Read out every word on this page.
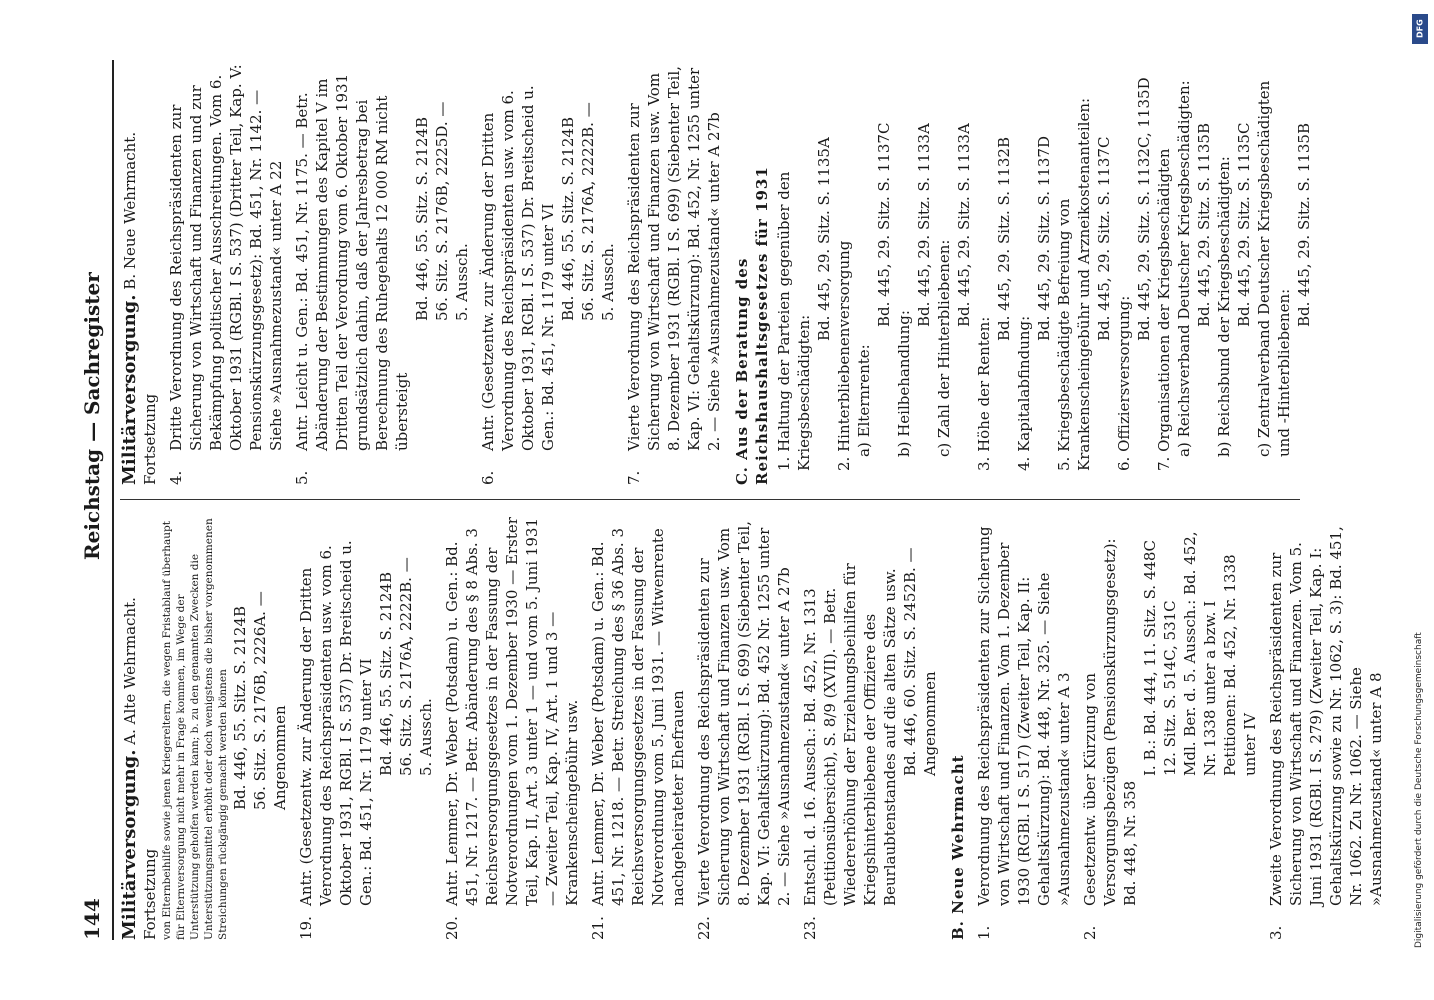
144
Reichstag — Sachregister
Militärversorgung. A. Alte Wehrmacht. Fortsetzung von Elternbeihilfe sowie jenen Kriegereltern, die wegen Fristablauf überhaupt für Elternversorgung nicht mehr in Frage kommen, im Wege der Unterstützung geholfen werden kann; b. zu den genannten Zwecken die Unterstützungsmittel erhöht oder doch wenigstens die bisher vorgenommenen Streichungen rückgängig gemacht werden können Bd. 446, 55. Sitz. S. 2124B 56. Sitz. S. 2176B, 2226A. — Angenommen
19.
Antr. (Gesetzentw. zur Änderung der Dritten Verordnung des Reichspräsidenten usw. vom 6. Oktober 1931, RGBl. I S. 537) Dr. Breitscheid u. Gen.: Bd. 451, Nr. 1179 unter VI Bd. 446, 55. Sitz. S. 2124B 56. Sitz. S. 2176A, 2222B. — 5. Aussch.
20.
Antr. Lemmer, Dr. Weber (Potsdam) u. Gen.: Bd. 451, Nr. 1217. — Betr. Abänderung des § 8 Abs. 3 Reichsversorgungsgesetzes in der Fassung der Notverordnungen vom 1. Dezember 1930 — Erster Teil, Kap. II, Art. 3 unter 1 — und vom 5. Juni 1931 — Zweiter Teil, Kap. IV, Art. 1 und 3 — Krankenscheingebühr usw.
21.
Antr. Lemmer, Dr. Weber (Potsdam) u. Gen.: Bd. 451, Nr. 1218. — Betr. Streichung des § 36 Abs. 3 Reichsversorgungsgesetzes in der Fassung der Notverordnung vom 5. Juni 1931. — Witwenrente nachgeheirateter Ehefrauen
22.
Vierte Verordnung des Reichspräsidenten zur Sicherung von Wirtschaft und Finanzen usw. Vom 8. Dezember 1931 (RGBl. I S. 699) (Siebenter Teil, Kap. VI: Gehaltskürzung): Bd. 452 Nr. 1255 unter 2. — Siehe »Ausnahmezustand« unter A 27b
23.
Entschl. d. 16. Aussch.: Bd. 452, Nr. 1313 (Petitionsübersicht), S. 8/9 (XVII). — Betr. Wiedererhöhung der Erziehungsbeihilfen für Kriegshinterbliebene der Offiziere des Beurlaubtenstandes auf die alten Sätze usw. Bd. 446, 60. Sitz. S. 2452B. — Angenommen
B. Neue Wehrmacht 1.
Verordnung des Reichspräsidenten zur Sicherung von Wirtschaft und Finanzen. Vom 1. Dezember 1930 (RGBl. I S. 517) (Zweiter Teil, Kap. II: Gehaltskürzung): Bd. 448, Nr. 325. — Siehe »Ausnahmezustand« unter A 3
2.
Gesetzentw. über Kürzung von Versorgungsbezügen (Pensionskürzungsgesetz): Bd. 448, Nr. 358
I. B.: Bd. 444, 11. Sitz. S. 448C 12. Sitz. S. 514C, 531C Mdl. Ber. d. 5. Aussch.: Bd. 452, Nr. 1338 unter a bzw. I Petitionen: Bd. 452, Nr. 1338 unter IV
3.
Zweite Verordnung des Reichspräsidenten zur Sicherung von Wirtschaft und Finanzen. Vom 5. Juni 1931 (RGBl. I S. 279) (Zweiter Teil, Kap. I: Gehaltskürzung sowie zu Nr. 1062, S. 3): Bd. 451, Nr. 1062. Zu Nr. 1062. — Siehe »Ausnahmezustand« unter A 8
Militärversorgung. B. Neue Wehrmacht. Fortsetzung 4.
Dritte Verordnung des Reichspräsidenten zur Sicherung von Wirtschaft und Finanzen und zur Bekämpfung politischer Ausschreitungen. Vom 6. Oktober 1931 (RGBl. I S. 537) (Dritter Teil, Kap. V: Pensionskürzungsgesetz): Bd. 451, Nr. 1142. — Siehe »Ausnahmezustand« unter A 22
5.
Antr. Leicht u. Gen.: Bd. 451, Nr. 1175. — Betr. Abänderung der Bestimmungen des Kapitel V im Dritten Teil der Verordnung vom 6. Oktober 1931 grundsätzlich dahin, daß der Jahresbetrag bei Berechnung des Ruhegehalts 12 000 RM nicht übersteigt
Bd. 446, 55. Sitz. S. 2124B 56. Sitz. S. 2176B, 2225D. — 5. Aussch.
6.
Antr. (Gesetzentw. zur Änderung der Dritten Verordnung des Reichspräsidenten usw. vom 6. Oktober 1931, RGBl. I S. 537) Dr. Breitscheid u. Gen.: Bd. 451, Nr. 1179 unter VI Bd. 446, 55. Sitz. S. 2124B 56. Sitz. S. 2176A, 2222B. — 5. Aussch.
7.
Vierte Verordnung des Reichspräsidenten zur Sicherung von Wirtschaft und Finanzen usw. Vom 8. Dezember 1931 (RGBl. I S. 699) (Siebenter Teil, Kap. VI: Gehaltskürzung): Bd. 452, Nr. 1255 unter 2. — Siehe »Ausnahmezustand« unter A 27b C. Aus der Beratung des Reichshaushaltsgesetzes für 1931 1. Haltung der Parteien gegenüber den Kriegsbeschädigten:
Bd. 445, 29. Sitz. S. 1135A
2. Hinterbliebenenversorgung a) Elternrente:
Bd. 445, 29. Sitz. S. 1137C
b) Heilbehandlung:
Bd. 445, 29. Sitz. S. 1133A
c) Zahl der Hinterbliebenen:
Bd. 445, 29. Sitz. S. 1133A
3. Höhe der Renten:
Bd. 445, 29. Sitz. S. 1132B
4. Kapitalabfindung:
Bd. 445, 29. Sitz. S. 1137D 5. Kriegsbeschädigte Befreiung von Krankenscheingebühr und Arzneikostenanteilen: Bd. 445, 29. Sitz. S. 1137C
6. Offiziersversorgung:
Bd. 445, 29. Sitz. S. 1132C, 1135D 7. Organisationen der Kriegsbeschädigten a) Reichsverband Deutscher Kriegsbeschädigten: Bd. 445, 29. Sitz. S. 1135B b) Reichsbund der Kriegsbeschädigten: Bd. 445, 29. Sitz. S. 1135C c) Zentralverband Deutscher Kriegsbeschädigten und -Hinterbliebenen:
Bd. 445, 29. Sitz. S. 1135B
DFG
Digitalisierung gefördert durch die Deutsche Forschungsgemeinschaft
